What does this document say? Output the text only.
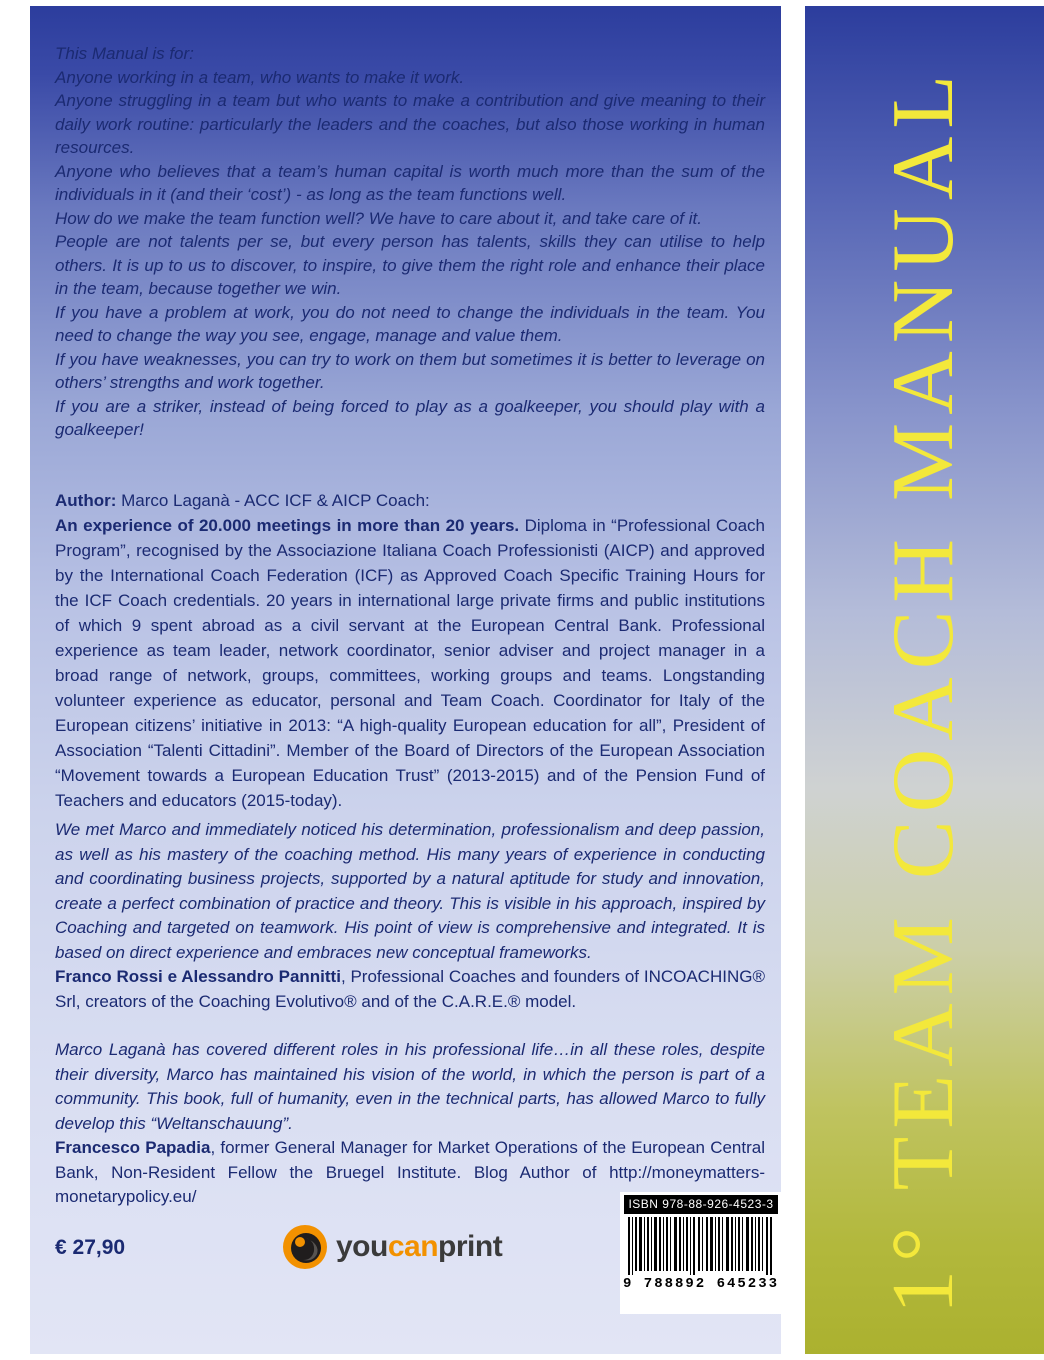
This Manual is for:

Anyone working in a team, who wants to make it work.

Anyone struggling in a team but who wants to make a contribution and give meaning to their daily work routine: particularly the leaders and the coaches, but also those working in human resources.

Anyone who believes that a team’s human capital is worth much more than the sum of the individuals in it (and their ‘cost’) - as long as the team functions well.

How do we make the team function well? We have to care about it, and take care of it.

People are not talents per se, but every person has talents, skills they can utilise to help others. It is up to us to discover, to inspire, to give them the right role and enhance their place in the team, because together we win.

If you have a problem at work, you do not need to change the individuals in the team. You need to change the way you see, engage, manage and value them.

If you have weaknesses, you can try to work on them but sometimes it is better to leverage on others’ strengths and work together.

If you are a striker, instead of being forced to play as a goalkeeper, you should play with a goalkeeper!

Author: Marco Laganà - ACC ICF & AICP Coach:

An experience of 20.000 meetings in more than 20 years. Diploma in “Professional Coach Program”, recognised by the Associazione Italiana Coach Professionisti (AICP) and approved by the International Coach Federation (ICF) as Approved Coach Specific Training Hours for the ICF Coach credentials. 20 years in international large private firms and public institutions of which 9 spent abroad as a civil servant at the European Central Bank. Professional experience as team leader, network coordinator, senior adviser and project manager in a broad range of network, groups, committees, working groups and teams. Longstanding volunteer experience as educator, personal and Team Coach. Coordinator for Italy of the European citizens’ initiative in 2013: “A high-quality European education for all”, President of Association “Talenti Cittadini”. Member of the Board of Directors of the European Association “Movement towards a European Education Trust” (2013-2015) and of the Pension Fund of Teachers and educators (2015-today).

We met Marco and immediately noticed his determination, professionalism and deep passion, as well as his mastery of the coaching method. His many years of experience in conducting and coordinating business projects, supported by a natural aptitude for study and innovation, create a perfect combination of practice and theory. This is visible in his approach, inspired by Coaching and targeted on teamwork. His point of view is comprehensive and integrated. It is based on direct experience and embraces new conceptual frameworks.

Franco Rossi e Alessandro Pannitti, Professional Coaches and founders of INCOACHING® Srl, creators of the Coaching Evolutivo® and of the C.A.R.E.® model.

Marco Laganà has covered different roles in his professional life…in all these roles, despite their diversity, Marco has maintained his vision of the world, in which the person is part of a community. This book, full of humanity, even in the technical parts, has allowed Marco to fully develop this “Weltanschauung”.

Francesco Papadia, former General Manager for Market Operations of the European Central Bank, Non-Resident Fellow the Bruegel Institute. Blog Author of http://moneymatters-monetarypolicy.eu/

€ 27,90	youcanprint
ISBN 978-88-926-4523-3
9 788892 645233 1° TEAM COACH MANUAL
